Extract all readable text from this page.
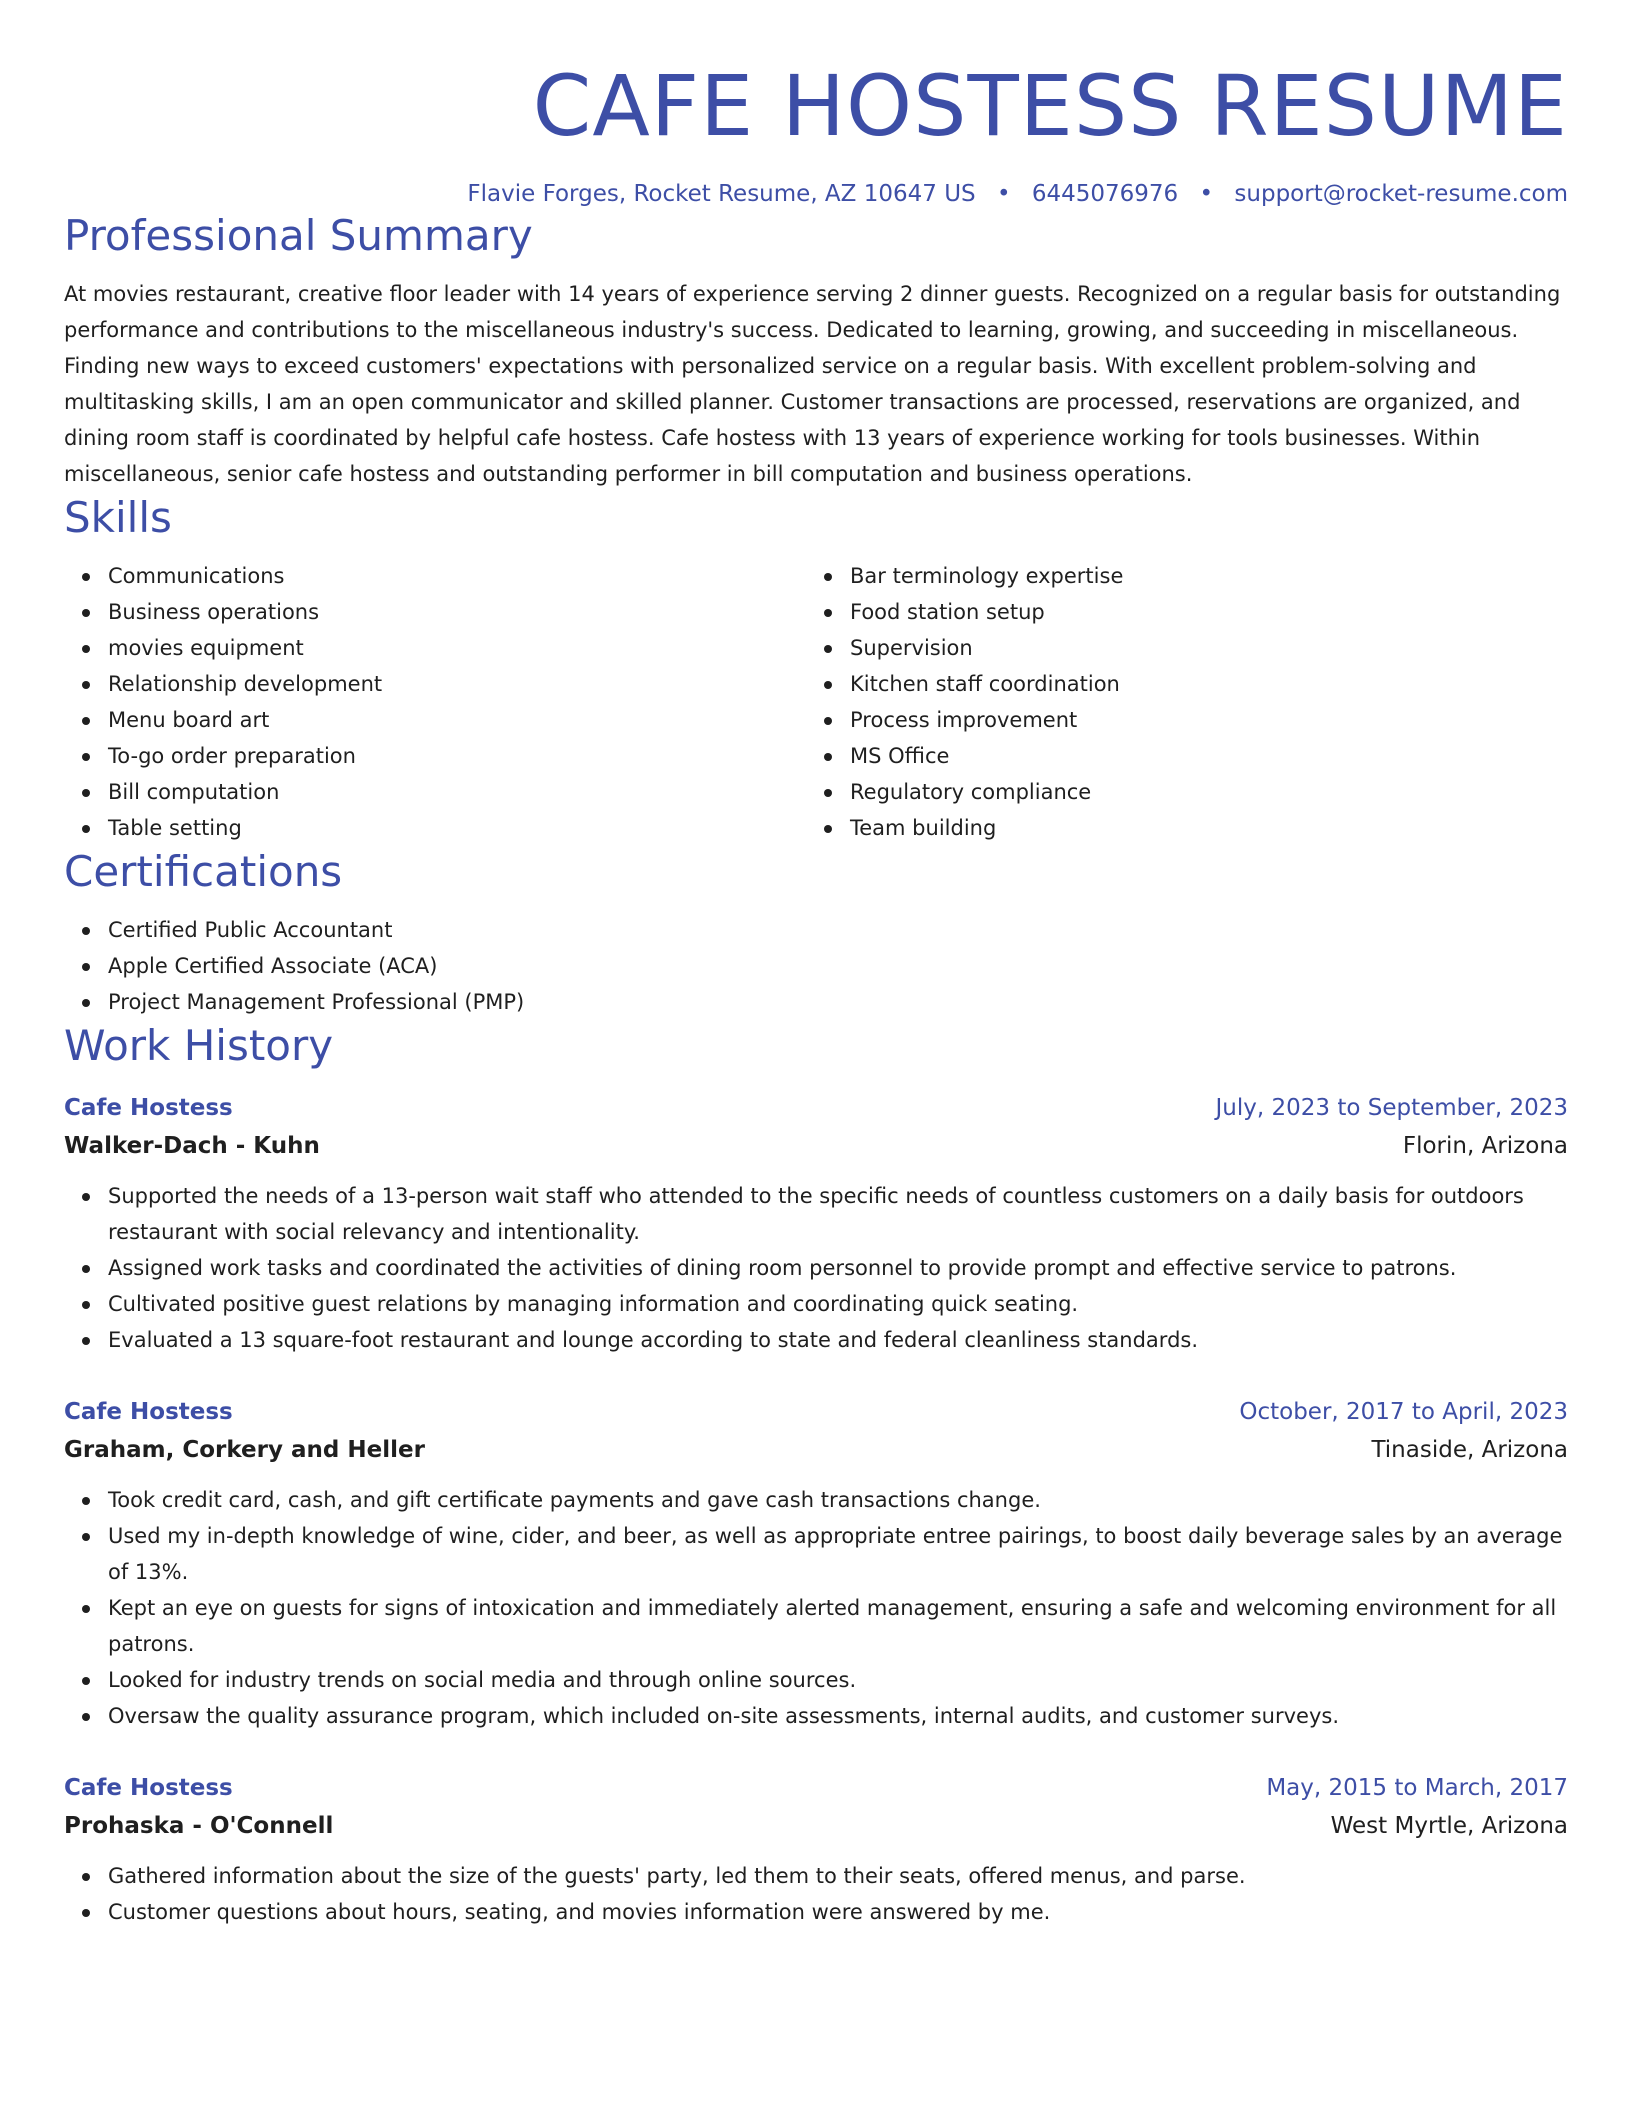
CAFE HOSTESS RESUME
Flavie Forges, Rocket Resume, AZ 10647 US • 6445076976 • support@rocket-resume.com
Professional Summary

At movies restaurant, creative floor leader with 14 years of experience serving 2 dinner guests. Recognized on a regular basis for outstanding performance and contributions to the miscellaneous industry's success. Dedicated to learning, growing, and succeeding in miscellaneous. Finding new ways to exceed customers' expectations with personalized service on a regular basis. With excellent problem-solving and multitasking skills, I am an open communicator and skilled planner. Customer transactions are processed, reservations are organized, and dining room staff is coordinated by helpful cafe hostess. Cafe hostess with 13 years of experience working for tools businesses. Within miscellaneous, senior cafe hostess and outstanding performer in bill computation and business operations.

Skills
Communications
Business operations
movies equipment
Relationship development
Menu board art
To-go order preparation
Bill computation
Table setting
Bar terminology expertise
Food station setup
Supervision
Kitchen staff coordination
Process improvement
MS Office
Regulatory compliance
Team building
Certifications
Certified Public Accountant
Apple Certified Associate (ACA)
Project Management Professional (PMP)
Work History
Cafe Hostess	July, 2023 to September, 2023
Walker-Dach - Kuhn	Florin, Arizona
Supported the needs of a 13-person wait staff who attended to the specific needs of countless customers on a daily basis for outdoors restaurant with social relevancy and intentionality.
Assigned work tasks and coordinated the activities of dining room personnel to provide prompt and effective service to patrons.
Cultivated positive guest relations by managing information and coordinating quick seating.
Evaluated a 13 square-foot restaurant and lounge according to state and federal cleanliness standards.
Cafe Hostess	October, 2017 to April, 2023
Graham, Corkery and Heller	Tinaside, Arizona
Took credit card, cash, and gift certificate payments and gave cash transactions change.
Used my in-depth knowledge of wine, cider, and beer, as well as appropriate entree pairings, to boost daily beverage sales by an average of 13%.
Kept an eye on guests for signs of intoxication and immediately alerted management, ensuring a safe and welcoming environment for all patrons.
Looked for industry trends on social media and through online sources.
Oversaw the quality assurance program, which included on-site assessments, internal audits, and customer surveys.
Cafe Hostess	May, 2015 to March, 2017
Prohaska - O'Connell	West Myrtle, Arizona
Gathered information about the size of the guests' party, led them to their seats, offered menus, and parse.
Customer questions about hours, seating, and movies information were answered by me.
